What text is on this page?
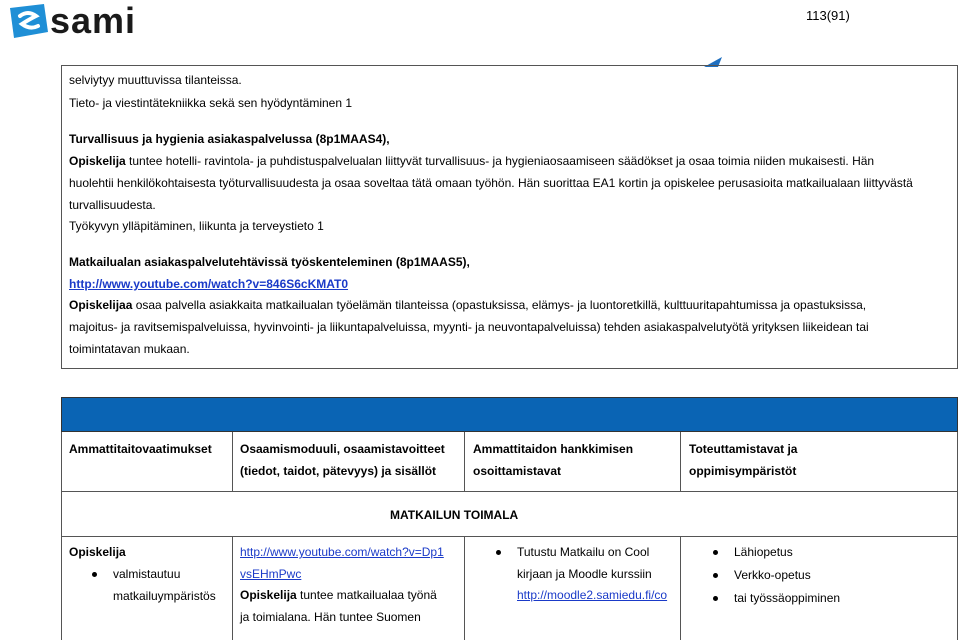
sami	113(91)
selviytyy muuttuvissa tilanteissa.
Tieto- ja viestintätekniikka sekä sen hyödyntäminen 1
Turvallisuus ja hygienia asiakaspalvelussa (8p1MAAS4),
Opiskelija tuntee hotelli- ravintola- ja puhdistuspalvelualan liittyvät turvallisuus- ja hygieniaosaamiseen säädökset ja osaa toimia niiden mukaisesti. Hän
huolehtii henkilökohtaisesta työturvallisuudesta ja osaa soveltaa tätä omaan työhön. Hän suorittaa EA1 kortin ja opiskelee perusasioita matkailualaan liittyvästä
turvallisuudesta.
Työkyvyn ylläpitäminen, liikunta ja terveystieto 1
Matkailualan asiakaspalvelutehtävissä työskenteleminen (8p1MAAS5),
http://www.youtube.com/watch?v=846S6cKMAT0
Opiskelijaa osaa palvella asiakkaita matkailualan työelämän tilanteissa (opastuksissa, elämys- ja luontoretkillä, kulttuuritapahtumissa ja opastuksissa,
majoitus- ja ravitsemispalveluissa, hyvinvointi- ja liikuntapalveluissa, myynti- ja neuvontapalveluissa) tehden asiakaspalvelutyötä yrityksen liikeidean tai
toimintatavan mukaan.
Ammattitaitovaatimukset Osaamismoduuli, osaamistavoitteet
(tiedot, taidot, pätevyys) ja sisällöt
Ammattitaidon hankkimisen
osoittamistavat
Toteuttamistavat ja
oppimisympäristöt
MATKAILUN TOIMALA
Opiskelija
valmistautuu
matkailuympäristös
http://www.youtube.com/watch?v=Dp1
vsEHmPwc
Opiskelija tuntee matkailualaa työnä
ja toimialana. Hän tuntee Suomen
Tutustu Matkailu on Cool
kirjaan ja Moodle kurssiin
http://moodle2.samiedu.fi/co
Lähiopetus
Verkko-opetus
tai työssäoppiminen
